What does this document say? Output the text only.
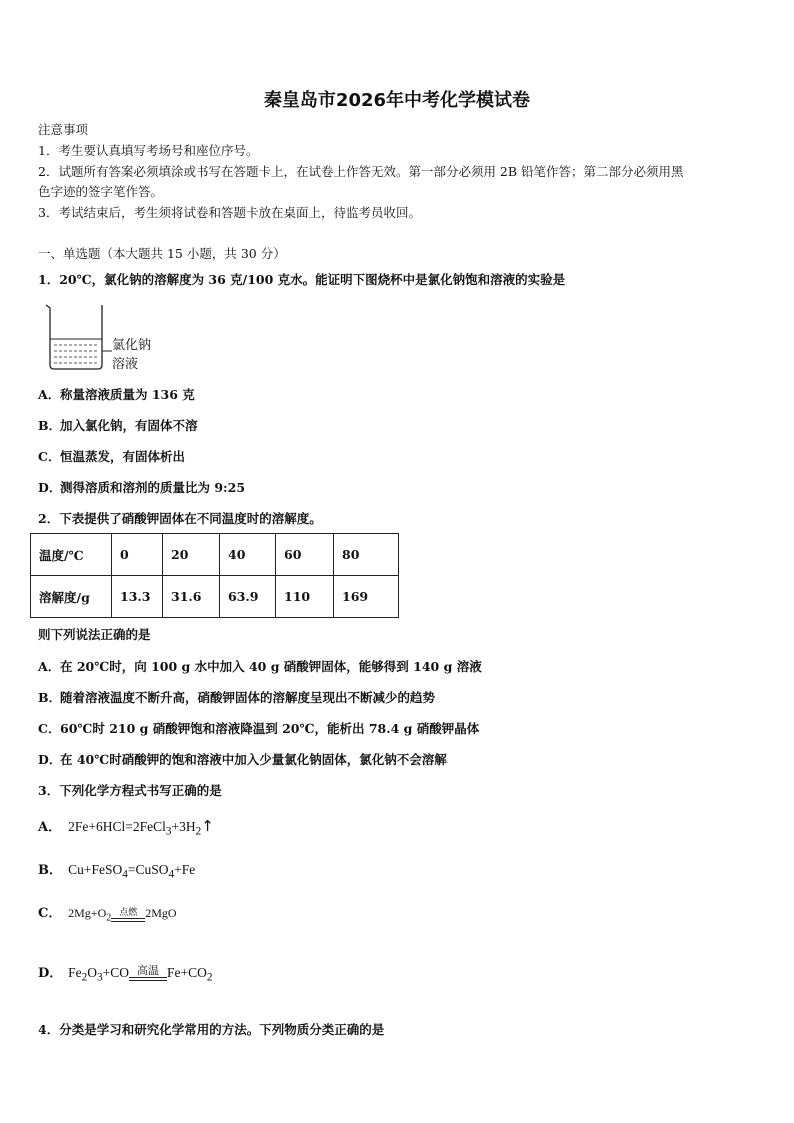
秦皇岛市2026年中考化学模试卷
注意事项
1．考生要认真填写考场号和座位序号。
2．试题所有答案必须填涂或书写在答题卡上，在试卷上作答无效。第一部分必须用 2B 铅笔作答；第二部分必须用黑
色字迹的签字笔作答。
3．考试结束后，考生须将试卷和答题卡放在桌面上，待监考员收回。
一、单选题（本大题共 15 小题，共 30 分）
1．20℃，氯化钠的溶解度为 36 克/100 克水。能证明下图烧杯中是氯化钠饱和溶液的实验是
氯化钠
溶液
A．称量溶液质量为 136 克
B．加入氯化钠，有固体不溶
C．恒温蒸发，有固体析出
D．测得溶质和溶剂的质量比为 9:25
2．下表提供了硝酸钾固体在不同温度时的溶解度。
温度/℃	0	20	40	60	80
溶解度/g	13.3	31.6	63.9	110	169
则下列说法正确的是
A．在 20℃时，向 100 g 水中加入 40 g 硝酸钾固体，能够得到 140 g 溶液
B．随着溶液温度不断升高，硝酸钾固体的溶解度呈现出不断减少的趋势
C．60℃时 210 g 硝酸钾饱和溶液降温到 20℃，能析出 78.4 g 硝酸钾晶体
D．在 40℃时硝酸钾的饱和溶液中加入少量氯化钠固体，氯化钠不会溶解
3．下列化学方程式书写正确的是
A． $2Fe+6HCl=2FeCl_3+3H_2↑$
B． Cu+FeSO$_4$=CuSO$_4$+Fe
C． $2Mg+O_2$
点燃 2MgO
D． $Fe_2O_3+CO$ 高温 $Fe+CO_2$
4．分类是学习和研究化学常用的方法。下列物质分类正确的是
